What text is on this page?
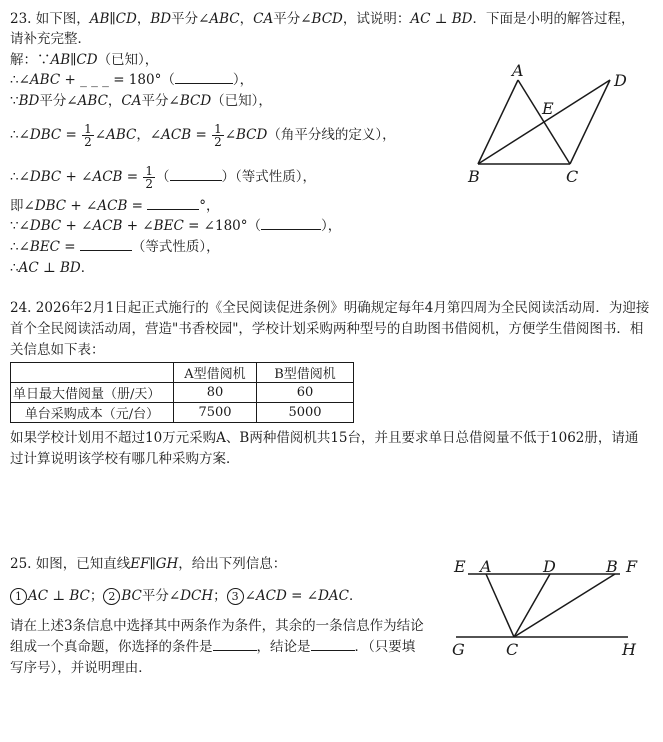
23. 如下图，AB∥CD，BD平分∠ABC，CA平分∠BCD，试说明：AC ⊥ BD．下面是小明的解答过程，
请补充完整．
解：∵AB∥CD（已知），
∴∠ABC + _ _ _ = 180°（	），
∵BD平分∠ABC，CA平分∠BCD（已知），
∴∠DBC = $\frac{1}{2}$ ∠ABC，∠ACB = $\frac{1}{2}$ ∠BCD（角平分线的定义），
∴∠DBC + ∠ACB = $\frac{1}{2}$ （	）（等式性质），
即∠DBC + ∠ACB =	°，
∵∠DBC + ∠ACB + ∠BEC = ∠180°（	），
∴∠BEC =	（等式性质），
∴AC ⊥ BD．
A
D
E
B	C
24. 2026年2月1日起正式施行的《全民阅读促进条例》明确规定每年4月第四周为全民阅读活动周．为迎接
首个全民阅读活动周，营造"书香校园"，学校计划采购两种型号的自助图书借阅机，方便学生借阅图书．相
关信息如下表：
	A型借阅机	B型借阅机
单日最大借阅量（册/天）	80	60
单台采购成本（元/台）	7500	5000
如果学校计划用不超过10万元采购A、B两种借阅机共15台，并且要求单日总借阅量不低于1062册，请通
过计算说明该学校有哪几种采购方案．
25. 如图，已知直线EF∥GH，给出下列信息：
1 AC ⊥ BC； 2 BC平分∠DCH； 3 ∠ACD = ∠DAC．
请在上述3条信息中选择其中两条作为条件，其余的一条信息作为结论
组成一个真命题，你选择的条件是	，结论是	．（只要填
写序号），并说明理由．
E A	D	B F
G	C	H
